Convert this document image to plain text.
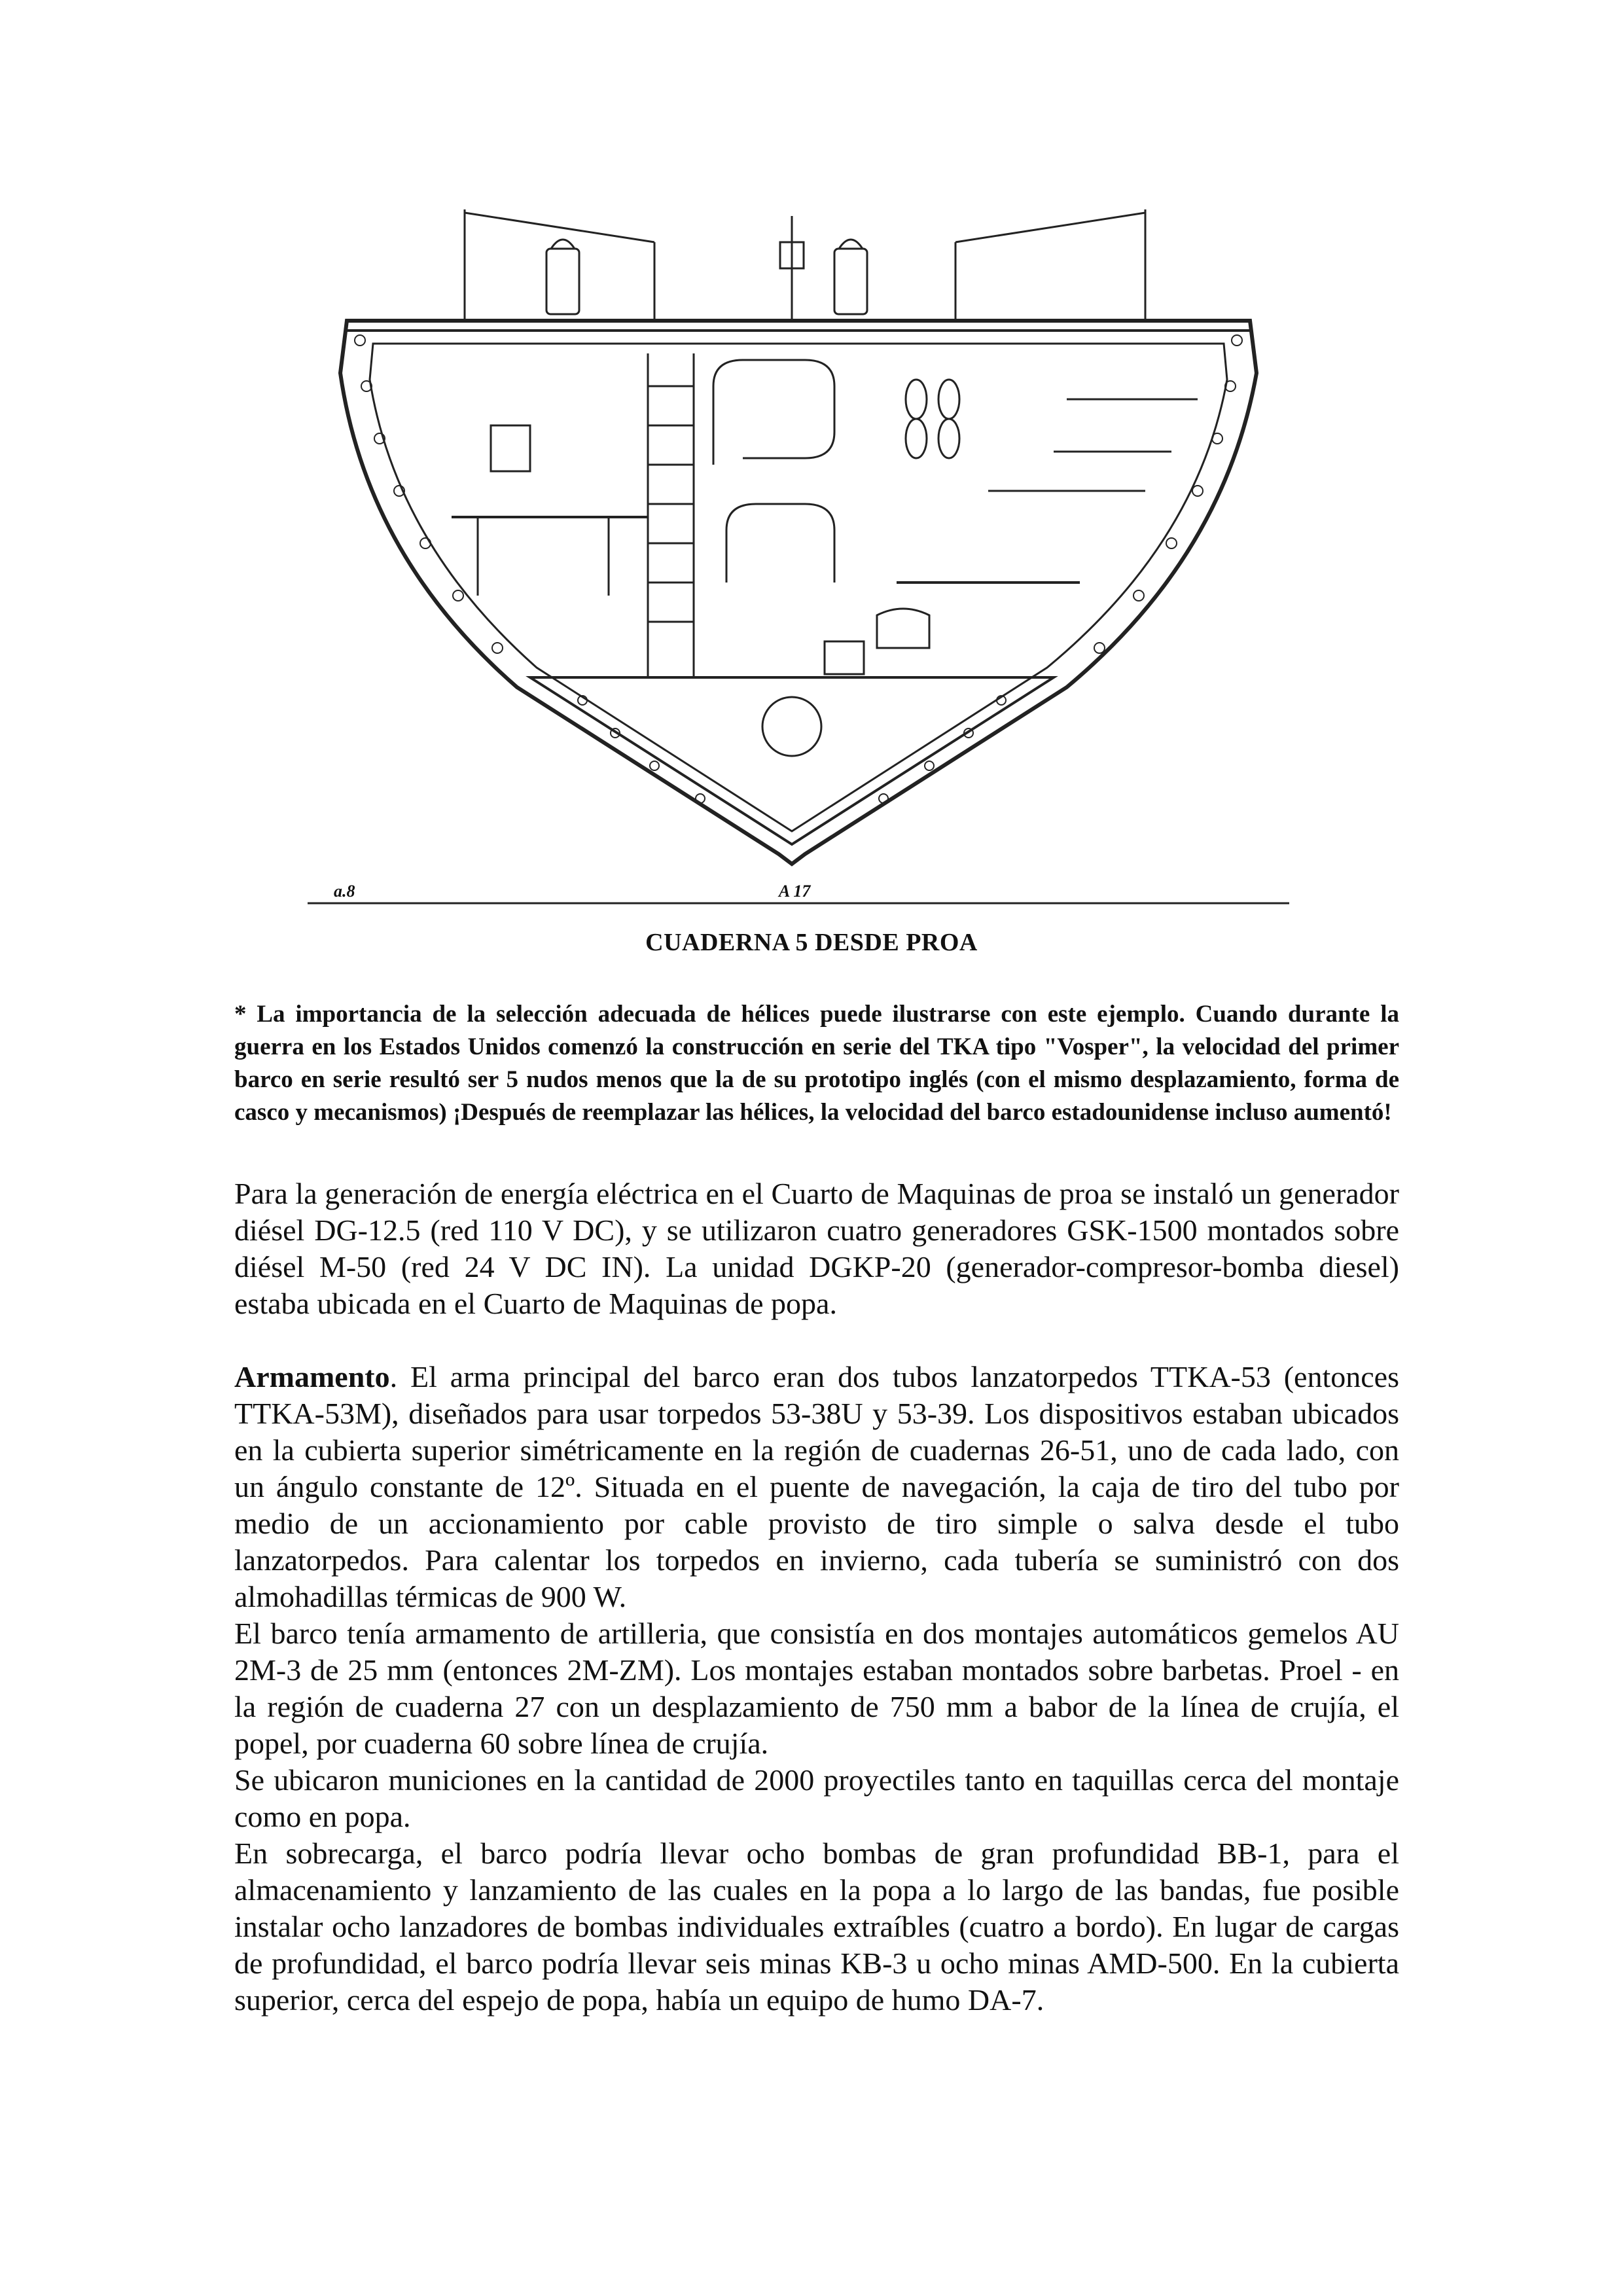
a.8	A 17
CUADERNA 5 DESDE PROA
* La importancia de la selección adecuada de hélices puede ilustrarse con este ejemplo. Cuando durante la guerra en los Estados Unidos comenzó la construcción en serie del TKA tipo "Vosper", la velocidad del primer barco en serie resultó ser 5 nudos menos que la de su prototipo inglés (con el mismo desplazamiento, forma de casco y mecanismos) ¡Después de reemplazar las hélices, la velocidad del barco estadounidense incluso aumentó!

Para la generación de energía eléctrica en el Cuarto de Maquinas de proa se instaló un generador diésel DG-12.5 (red 110 V DC), y se utilizaron cuatro generadores GSK-1500 montados sobre diésel M-50 (red 24 V DC IN). La unidad DGKP-20 (generador-compresor-bomba diesel) estaba ubicada en el Cuarto de Maquinas de popa.

Armamento. El arma principal del barco eran dos tubos lanzatorpedos TTKA-53 (entonces TTKA-53M), diseñados para usar torpedos 53-38U y 53-39. Los dispositivos estaban ubicados en la cubierta superior simétricamente en la región de cuadernas 26-51, uno de cada lado, con un ángulo constante de 12º. Situada en el puente de navegación, la caja de tiro del tubo por medio de un accionamiento por cable provisto de tiro simple o salva desde el tubo lanzatorpedos. Para calentar los torpedos en invierno, cada tubería se suministró con dos almohadillas térmicas de 900 W.

El barco tenía armamento de artilleria, que consistía en dos montajes automáticos gemelos AU 2M-3 de 25 mm (entonces 2M-ZM). Los montajes estaban montados sobre barbetas. Proel - en la región de cuaderna 27 con un desplazamiento de 750 mm a babor de la línea de crujía, el popel, por cuaderna 60 sobre línea de crujía.

Se ubicaron municiones en la cantidad de 2000 proyectiles tanto en taquillas cerca del montaje como en popa.

En sobrecarga, el barco podría llevar ocho bombas de gran profundidad BB-1, para el almacenamiento y lanzamiento de las cuales en la popa a lo largo de las bandas, fue posible instalar ocho lanzadores de bombas individuales extraíbles (cuatro a bordo). En lugar de cargas de profundidad, el barco podría llevar seis minas KB-3 u ocho minas AMD-500. En la cubierta superior, cerca del espejo de popa, había un equipo de humo DA-7.
